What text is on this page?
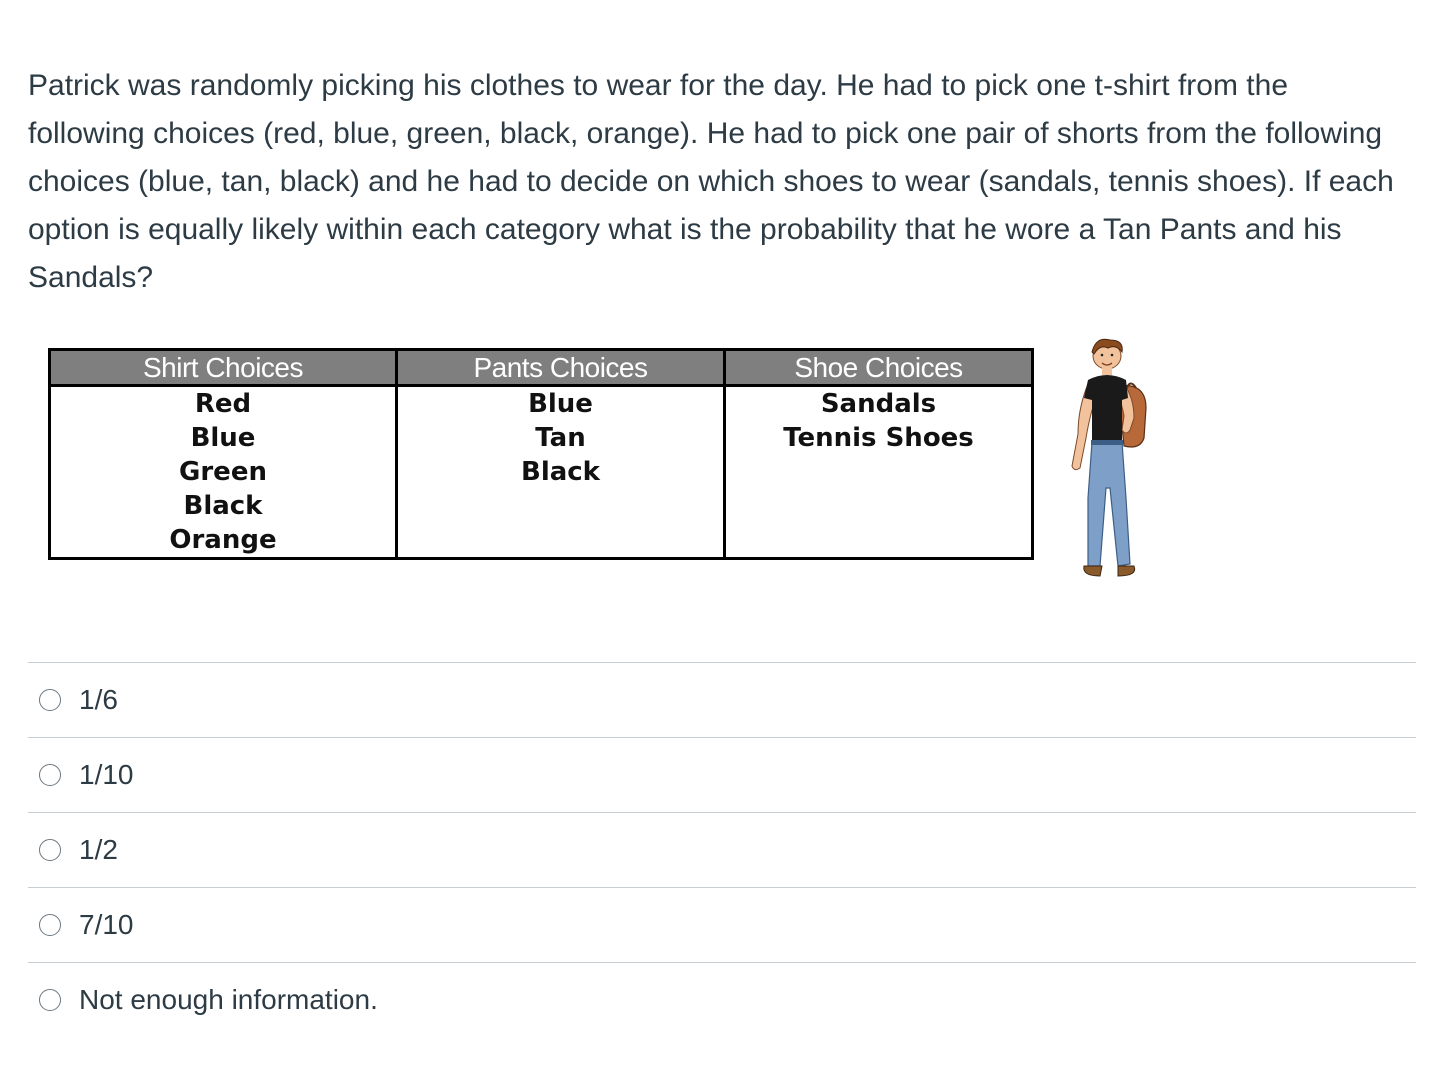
Patrick was randomly picking his clothes to wear for the day. He had to pick one t-shirt from the following choices (red, blue, green, black, orange). He had to pick one pair of shorts from the following choices (blue, tan, black) and he had to decide on which shoes to wear (sandals, tennis shoes). If each option is equally likely within each category what is the probability that he wore a Tan Pants and his Sandals?
Shirt Choices
Red
Blue
Green
Black
Orange
Pants Choices
Blue
Tan
Black
Shoe Choices
Sandals
Tennis Shoes
1/6
1/10
1/2
7/10
Not enough information.
